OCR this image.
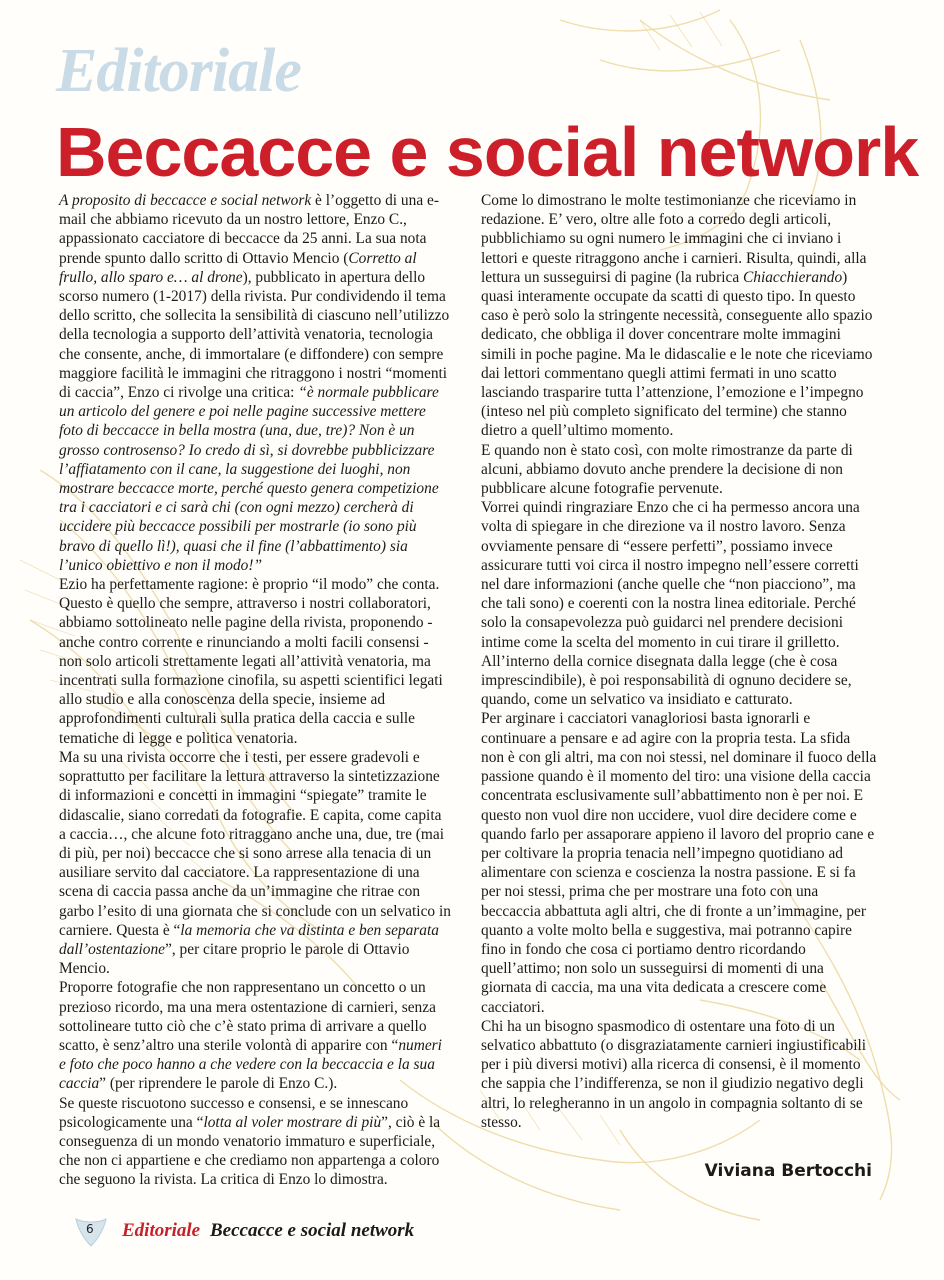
Editoriale
Beccacce e social network

A proposito di beccacce e social network è l’oggetto di una e-mail che abbiamo ricevuto da un nostro lettore, Enzo C., appassionato cacciatore di beccacce da 25 anni. La sua nota prende spunto dallo scritto di Ottavio Mencio (Corretto al frullo, allo sparo e… al drone), pubblicato in apertura dello scorso numero (1-2017) della rivista. Pur condividendo il tema dello scritto, che sollecita la sensibilità di ciascuno nell’utilizzo della tecnologia a supporto dell’attività venatoria, tecnologia che consente, anche, di immortalare (e diffondere) con sempre maggiore facilità le immagini che ritraggono i nostri “momenti di caccia”, Enzo ci rivolge una critica: “è normale pubblicare un articolo del genere e poi nelle pagine successive mettere foto di beccacce in bella mostra (una, due, tre)? Non è un grosso controsenso? Io credo di sì, si dovrebbe pubblicizzare l’affiatamento con il cane, la suggestione dei luoghi, non mostrare beccacce morte, perché questo genera competizione tra i cacciatori e ci sarà chi (con ogni mezzo) cercherà di uccidere più beccacce possibili per mostrarle (io sono più bravo di quello lì!), quasi che il fine (l’abbattimento) sia l’unico obiettivo e non il modo!”

Ezio ha perfettamente ragione: è proprio “il modo” che conta. Questo è quello che sempre, attraverso i nostri collaboratori, abbiamo sottolineato nelle pagine della rivista, proponendo - anche contro corrente e rinunciando a molti facili consensi - non solo articoli strettamente legati all’attività venatoria, ma incentrati sulla formazione cinofila, su aspetti scientifici legati allo studio e alla conoscenza della specie, insieme ad approfondimenti culturali sulla pratica della caccia e sulle tematiche di legge e politica venatoria.

Ma su una rivista occorre che i testi, per essere gradevoli e soprattutto per facilitare la lettura attraverso la sintetizzazione di informazioni e concetti in immagini “spiegate” tramite le didascalie, siano corredati da fotografie. E capita, come capita a caccia…, che alcune foto ritraggano anche una, due, tre (mai di più, per noi) beccacce che si sono arrese alla tenacia di un ausiliare servito dal cacciatore. La rappresentazione di una scena di caccia passa anche da un’immagine che ritrae con garbo l’esito di una giornata che si conclude con un selvatico in carniere. Questa è “la memoria che va distinta e ben separata dall’ostentazione”, per citare proprio le parole di Ottavio Mencio.

Proporre fotografie che non rappresentano un concetto o un prezioso ricordo, ma una mera ostentazione di carnieri, senza sottolineare tutto ciò che c’è stato prima di arrivare a quello scatto, è senz’altro una sterile volontà di apparire con “numeri e foto che poco hanno a che vedere con la beccaccia e la sua caccia” (per riprendere le parole di Enzo C.).

Se queste riscuotono successo e consensi, e se innescano psicologicamente una “lotta al voler mostrare di più”, ciò è la conseguenza di un mondo venatorio immaturo e superficiale, che non ci appartiene e che crediamo non appartenga a coloro che seguono la rivista. La critica di Enzo lo dimostra.

Come lo dimostrano le molte testimonianze che riceviamo in redazione. E’ vero, oltre alle foto a corredo degli articoli, pubblichiamo su ogni numero le immagini che ci inviano i lettori e queste ritraggono anche i carnieri. Risulta, quindi, alla lettura un susseguirsi di pagine (la rubrica Chiacchierando) quasi interamente occupate da scatti di questo tipo. In questo caso è però solo la stringente necessità, conseguente allo spazio dedicato, che obbliga il dover concentrare molte immagini simili in poche pagine. Ma le didascalie e le note che riceviamo dai lettori commentano quegli attimi fermati in uno scatto lasciando trasparire tutta l’attenzione, l’emozione e l’impegno (inteso nel più completo significato del termine) che stanno dietro a quell’ultimo momento.

E quando non è stato così, con molte rimostranze da parte di alcuni, abbiamo dovuto anche prendere la decisione di non pubblicare alcune fotografie pervenute.

Vorrei quindi ringraziare Enzo che ci ha permesso ancora una volta di spiegare in che direzione va il nostro lavoro. Senza ovviamente pensare di “essere perfetti”, possiamo invece assicurare tutti voi circa il nostro impegno nell’essere corretti nel dare informazioni (anche quelle che “non piacciono”, ma che tali sono) e coerenti con la nostra linea editoriale. Perché solo la consapevolezza può guidarci nel prendere decisioni intime come la scelta del momento in cui tirare il grilletto. All’interno della cornice disegnata dalla legge (che è cosa imprescindibile), è poi responsabilità di ognuno decidere se, quando, come un selvatico va insidiato e catturato.

Per arginare i cacciatori vanagloriosi basta ignorarli e continuare a pensare e ad agire con la propria testa. La sfida non è con gli altri, ma con noi stessi, nel dominare il fuoco della passione quando è il momento del tiro: una visione della caccia concentrata esclusivamente sull’abbattimento non è per noi. E questo non vuol dire non uccidere, vuol dire decidere come e quando farlo per assaporare appieno il lavoro del proprio cane e per coltivare la propria tenacia nell’impegno quotidiano ad alimentare con scienza e coscienza la nostra passione. E si fa per noi stessi, prima che per mostrare una foto con una beccaccia abbattuta agli altri, che di fronte a un’immagine, per quanto a volte molto bella e suggestiva, mai potranno capire fino in fondo che cosa ci portiamo dentro ricordando quell’attimo; non solo un susseguirsi di momenti di una giornata di caccia, ma una vita dedicata a crescere come cacciatori.

Chi ha un bisogno spasmodico di ostentare una foto di un selvatico abbattuto (o disgraziatamente carnieri ingiustificabili per i più diversi motivi) alla ricerca di consensi, è il momento che sappia che l’indifferenza, se non il giudizio negativo degli altri, lo relegheranno in un angolo in compagnia soltanto di se stesso.

Viviana Bertocchi
6 Editoriale Beccacce e social network
